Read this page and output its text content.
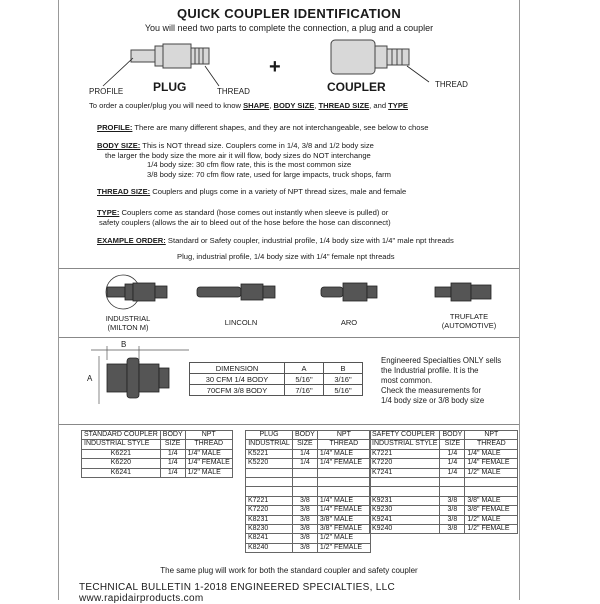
QUICK COUPLER IDENTIFICATION
You will need two parts to complete the connection, a plug and a coupler
PROFILE PLUG	THREAD
+
COUPLER	THREAD
To order a coupler/plug you will need to know SHAPE, BODY SIZE, THREAD SIZE, and TYPE
PROFILE: There are many different shapes, and they are not interchangeable, see below to chose
BODY SIZE: This is NOT thread size. Couplers come in 1/4, 3/8 and 1/2 body size
the larger the body size the more air it will flow, body sizes do NOT interchange
1/4 body size: 30 cfm flow rate, this is the most common size
3/8 body size: 70 cfm flow rate, used for large impacts, truck shops, farm
THREAD SIZE: Couplers and plugs come in a variety of NPT thread sizes, male and female
TYPE: Couplers come as standard (hose comes out instantly when sleeve is pulled) or
safety couplers (allows the air to bleed out of the hose before the hose can disconnect)
EXAMPLE ORDER: Standard or Safety coupler, industrial profile, 1/4 body size with 1/4" male npt threads
Plug, industrial profile, 1/4 body size with 1/4" female npt threads
INDUSTRIAL
(MILTON M)
LINCOLN	ARO
TRUFLATE
(AUTOMOTIVE)
B
A
DIMENSION	A	B
30 CFM 1/4 BODY	5/16"	3/16"
70CFM 3/8 BODY	7/16"	5/16"
Engineered Specialties ONLY sells
the Industrial profile. It is the
most common.
Check the measurements for
1/4 body size or 3/8 body size
STANDARD COUPLER	BODY	NPT
INDUSTRIAL STYLE	SIZE	THREAD
K6221	1/4	1/4" MALE
K6220	1/4	1/4" FEMALE
K6241	1/4	1/2" MALE
PLUG	BODY	NPT
INDUSTRIAL	SIZE	THREAD
K5221	1/4	1/4" MALE
K5220	1/4	1/4" FEMALE

K7221	3/8	1/4" MALE
K7220	3/8	1/4" FEMALE
K8231	3/8	3/8" MALE
K8230	3/8	3/8" FEMALE
K8241	3/8	1/2" MALE
K8240	3/8	1/2" FEMALE
SAFETY COUPLER	BODY	NPT
INDUSTRIAL STYLE	SIZE	THREAD
K7221	1/4	1/4" MALE
K7220	1/4	1/4" FEMALE
K7241	1/4	1/2" MALE

K9231	3/8	3/8" MALE
K9230	3/8	3/8" FEMALE
K9241	3/8	1/2" MALE
K9240	3/8	1/2" FEMALE
The same plug will work for both the standard coupler and safety coupler
TECHNICAL BULLETIN 1-2018 ENGINEERED SPECIALTIES, LLC www.rapidairproducts.com
